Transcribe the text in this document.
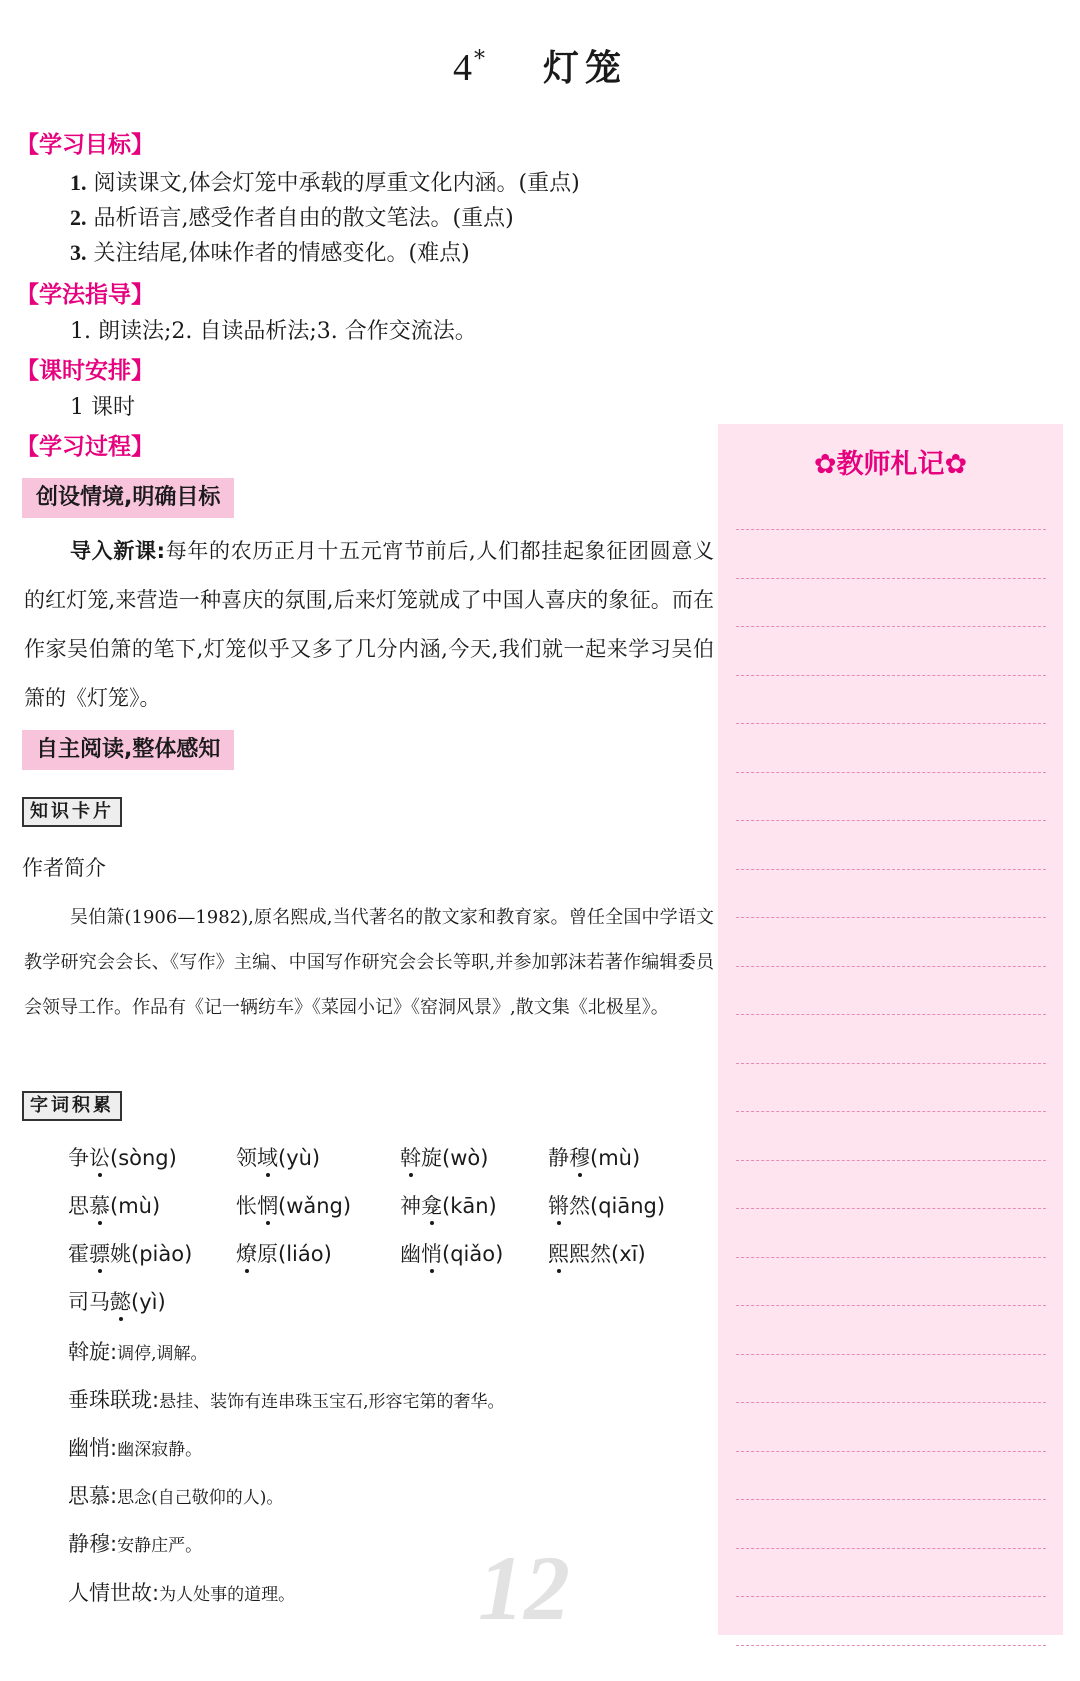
4* 灯笼
【学习目标】
1. 阅读课文,体会灯笼中承载的厚重文化内涵。(重点)
2. 品析语言,感受作者自由的散文笔法。(重点)
3. 关注结尾,体味作者的情感变化。(难点)
【学法指导】
1. 朗读法;2. 自读品析法;3. 合作交流法。
【课时安排】
1 课时
【学习过程】
创设情境,明确目标
导入新课:每年的农历正月十五元宵节前后,人们都挂起象征团圆意义的红灯笼,来营造一种喜庆的氛围,后来灯笼就成了中国人喜庆的象征。而在作家吴伯箫的笔下,灯笼似乎又多了几分内涵,今天,我们就一起来学习吴伯箫的《灯笼》。
自主阅读,整体感知
知识卡片
作者简介
吴伯箫(1906—1982),原名熙成,当代著名的散文家和教育家。曾任全国中学语文教学研究会会长、《写作》主编、中国写作研究会会长等职,并参加郭沫若著作编辑委员会领导工作。作品有《记一辆纺车》《菜园小记》《窑洞风景》,散文集《北极星》。
字词积累
争讼(sòng)	领域(yù)	斡旋(wò)	静穆(mù)
思慕(mù)	怅惘(wǎng) 神龛(kān) 锵然(qiāng)
霍骠姚(piào) 燎原(liáo)	幽悄(qiǎo) 熙熙然(xī)
司马懿(yì)
斡旋:调停,调解。
垂珠联珑:悬挂、装饰有连串珠玉宝石,形容宅第的奢华。
幽悄:幽深寂静。
思慕:思念(自己敬仰的人)。
静穆:安静庄严。
人情世故:为人处事的道理。 12
✿教师札记✿
